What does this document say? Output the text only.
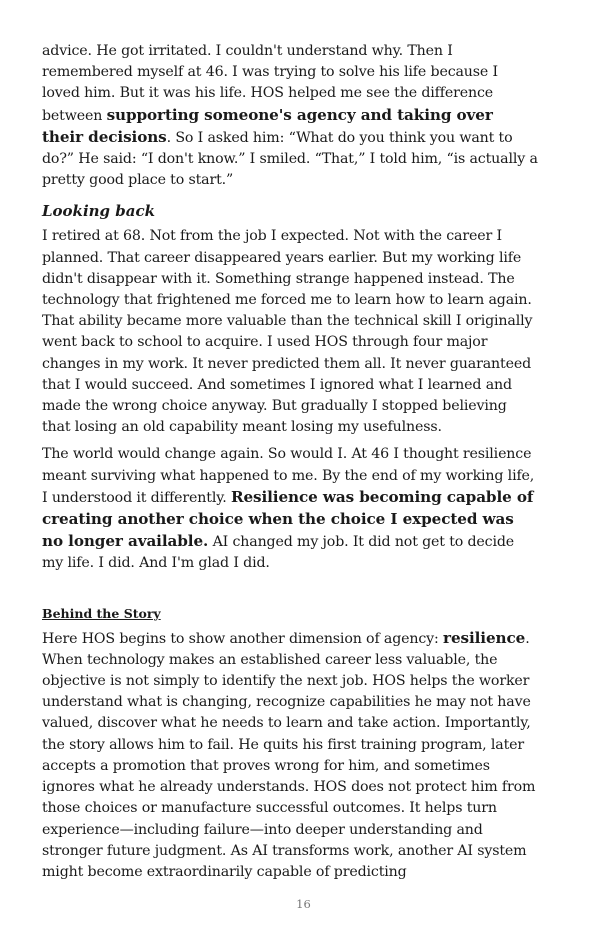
advice. He got irritated. I couldn't understand why. Then I remembered myself at 46. I was trying to solve his life because I loved him. But it was his life. HOS helped me see the difference between supporting someone's agency and taking over their decisions. So I asked him: “What do you think you want to do?” He said: “I don't know.” I smiled. “That,” I told him, “is actually a pretty good place to start.”

Looking back

I retired at 68. Not from the job I expected. Not with the career I planned. That career disappeared years earlier. But my working life didn't disappear with it. Something strange happened instead. The technology that frightened me forced me to learn how to learn again. That ability became more valuable than the technical skill I originally went back to school to acquire. I used HOS through four major changes in my work. It never predicted them all. It never guaranteed that I would succeed. And sometimes I ignored what I learned and made the wrong choice anyway. But gradually I stopped believing that losing an old capability meant losing my usefulness.

The world would change again. So would I. At 46 I thought resilience meant surviving what happened to me. By the end of my working life, I understood it differently. Resilience was becoming capable of creating another choice when the choice I expected was no longer available. AI changed my job. It did not get to decide my life. I did. And I'm glad I did.

Behind the Story

Here HOS begins to show another dimension of agency: resilience. When technology makes an established career less valuable, the objective is not simply to identify the next job. HOS helps the worker understand what is changing, recognize capabilities he may not have valued, discover what he needs to learn and take action. Importantly, the story allows him to fail. He quits his first training program, later accepts a promotion that proves wrong for him, and sometimes ignores what he already understands. HOS does not protect him from those choices or manufacture successful outcomes. It helps turn experience—including failure—into deeper understanding and stronger future judgment. As AI transforms work, another AI system might become extraordinarily capable of predicting

16
